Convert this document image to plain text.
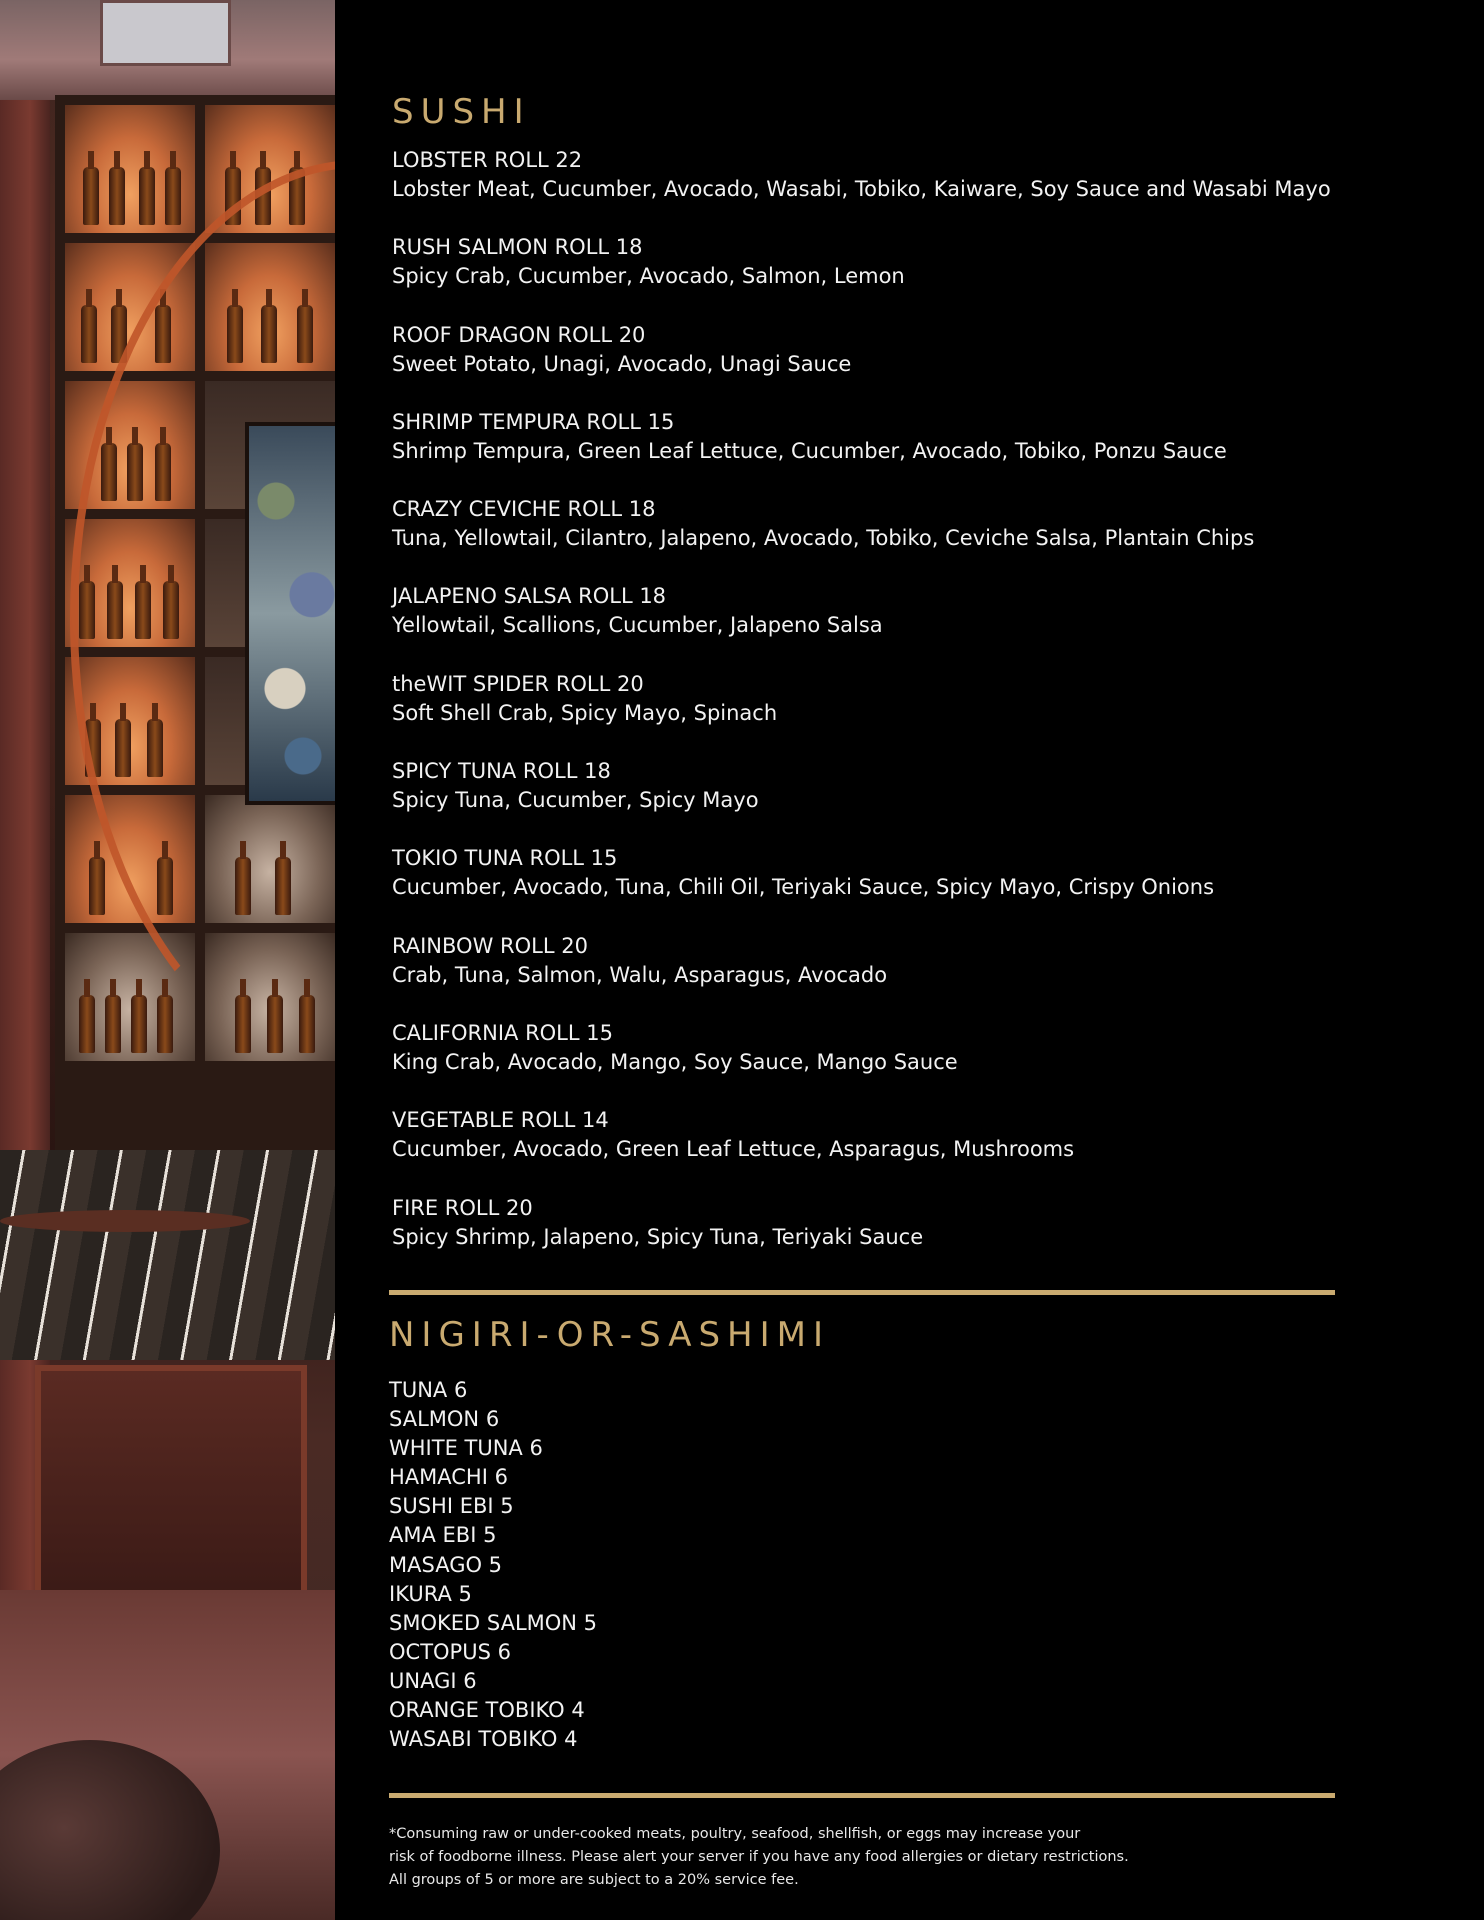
SUSHI
LOBSTER ROLL 22
Lobster Meat, Cucumber, Avocado, Wasabi, Tobiko, Kaiware, Soy Sauce and Wasabi Mayo
RUSH SALMON ROLL 18
Spicy Crab, Cucumber, Avocado, Salmon, Lemon
ROOF DRAGON ROLL 20
Sweet Potato, Unagi, Avocado, Unagi Sauce
SHRIMP TEMPURA ROLL 15
Shrimp Tempura, Green Leaf Lettuce, Cucumber, Avocado, Tobiko, Ponzu Sauce
CRAZY CEVICHE ROLL 18
Tuna, Yellowtail, Cilantro, Jalapeno, Avocado, Tobiko, Ceviche Salsa, Plantain Chips
JALAPENO SALSA ROLL 18
Yellowtail, Scallions, Cucumber, Jalapeno Salsa
theWIT SPIDER ROLL 20
Soft Shell Crab, Spicy Mayo, Spinach
SPICY TUNA ROLL 18
Spicy Tuna, Cucumber, Spicy Mayo
TOKIO TUNA ROLL 15
Cucumber, Avocado, Tuna, Chili Oil, Teriyaki Sauce, Spicy Mayo, Crispy Onions
RAINBOW ROLL 20
Crab, Tuna, Salmon, Walu, Asparagus, Avocado
CALIFORNIA ROLL 15
King Crab, Avocado, Mango, Soy Sauce, Mango Sauce
VEGETABLE ROLL 14
Cucumber, Avocado, Green Leaf Lettuce, Asparagus, Mushrooms
FIRE ROLL 20
Spicy Shrimp, Jalapeno, Spicy Tuna, Teriyaki Sauce
NIGIRI-OR-SASHIMI
TUNA 6
SALMON 6
WHITE TUNA 6
HAMACHI 6
SUSHI EBI 5
AMA EBI 5
MASAGO 5
IKURA 5
SMOKED SALMON 5
OCTOPUS 6
UNAGI 6
ORANGE TOBIKO 4
WASABI TOBIKO 4
*Consuming raw or under-cooked meats, poultry, seafood, shellfish, or eggs may increase your
risk of foodborne illness. Please alert your server if you have any food allergies or dietary restrictions.
All groups of 5 or more are subject to a 20% service fee.
